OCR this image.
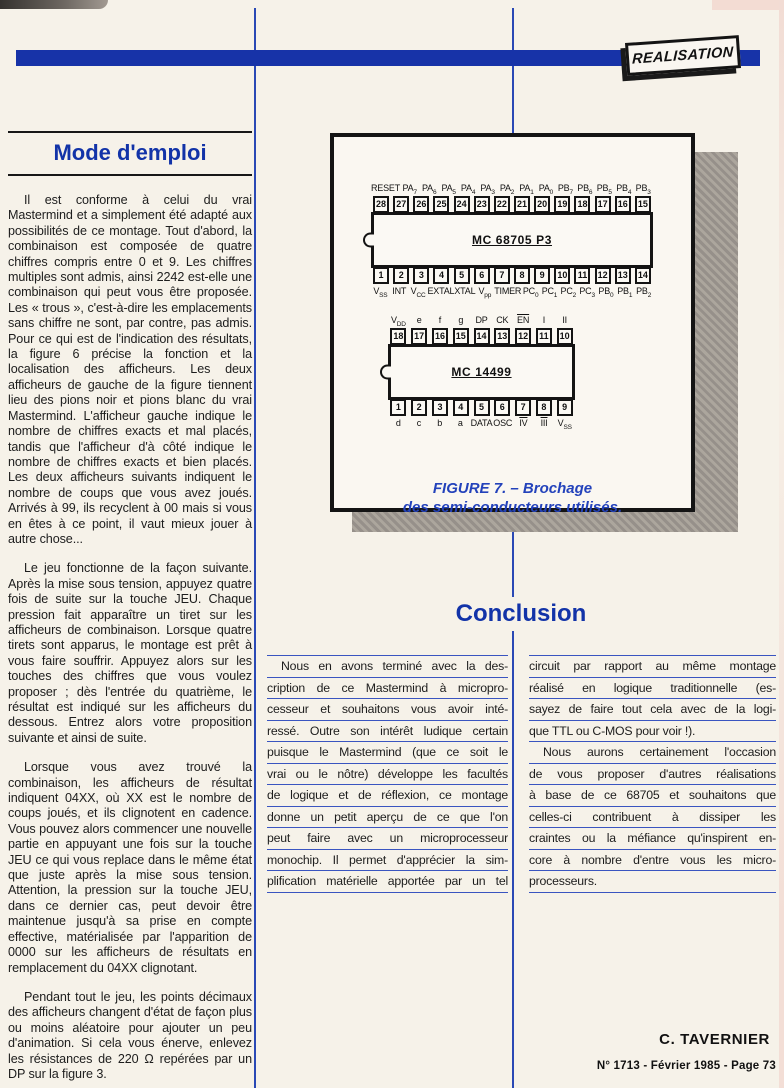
REALISATION
Mode d'emploi

Il est conforme à celui du vrai Mastermind et a simplement été adapté aux possibilités de ce montage. Tout d'abord, la combinaison est composée de quatre chiffres compris entre 0 et 9. Les chiffres multiples sont admis, ainsi 2242 est-elle une combinaison qui peut vous être proposée. Les « trous », c'est-à-dire les emplacements sans chiffre ne sont, par contre, pas admis. Pour ce qui est de l'indication des résultats, la figure 6 précise la fonction et la localisation des afficheurs. Les deux afficheurs de gauche de la figure tiennent lieu des pions noir et pions blanc du vrai Mastermind. L'afficheur gauche indique le nombre de chiffres exacts et mal placés, tandis que l'afficheur d'à côté indique le nombre de chiffres exacts et bien placés. Les deux afficheurs suivants indiquent le nombre de coups que vous avez joués. Arrivés à 99, ils recyclent à 00 mais si vous en êtes à ce point, il vaut mieux jouer à autre chose...

Le jeu fonctionne de la façon suivante. Après la mise sous tension, appuyez quatre fois de suite sur la touche JEU. Chaque pression fait apparaître un tiret sur les afficheurs de combinaison. Lorsque quatre tirets sont apparus, le montage est prêt à vous faire souffrir. Appuyez alors sur les touches des chiffres que vous voulez proposer ; dès l'entrée du quatrième, le résultat est indiqué sur les afficheurs du dessous. Entrez alors votre proposition suivante et ainsi de suite.

Lorsque vous avez trouvé la combinaison, les afficheurs de résultat indiquent 04XX, où XX est le nombre de coups joués, et ils clignotent en cadence. Vous pouvez alors commencer une nouvelle partie en appuyant une fois sur la touche JEU ce qui vous replace dans le même état que juste après la mise sous tension. Attention, la pression sur la touche JEU, dans ce dernier cas, peut devoir être maintenue jusqu'à sa prise en compte effective, matérialisée par l'apparition de 0000 sur les afficheurs de résultats en remplacement du 04XX clignotant.

Pendant tout le jeu, les points décimaux des afficheurs changent d'état de façon plus ou moins aléatoire pour ajouter un peu d'animation. Si cela vous énerve, enlevez les résistances de 220 Ω repérées par un DP sur la figure 3.

RESET $PA_7$ $PA_6$ $PA_5$ $PA_4$ $PA_3$ $PA_2$ $PA_1$ $PA_0$ $PB_7$ $PB_6$ $PB_5$ $PB_4$ $PB_3$
28	27	26	25	24	23	22	21	20	19	18	17	16	15
MC 68705 P3
1	2	3	4	5	6	7	8	9	10	11	12	13	14
$V_{SS}$ INT $V_{CC}$ EXTAL XTAL $V_{pp}$ TIMER $PC_0$ $PC_1$ $PC_2$ $PC_3$ $PB_0$ $PB_1$ $PB_2$
$V_{DD}$	e	f	g	DP CK $\overline{EN}$	I	II
18	17	16	15	14	13	12	11	10
MC 14499
1	2	3	4	5	6	7	8	9
d	c	b	a DATA OSC $\overline{IV}$	$\overline{III}$	$V_{SS}$
FIGURE 7. – Brochage
des semi-conducteurs utilisés.
Conclusion
Nous en avons terminé avec la des-
cription de ce Mastermind à micropro-
cesseur et souhaitons vous avoir inté-
ressé. Outre son intérêt ludique certain
puisque le Mastermind (que ce soit le
vrai ou le nôtre) développe les facultés
de logique et de réflexion, ce montage
donne un petit aperçu de ce que l'on
peut faire avec un microprocesseur
monochip. Il permet d'apprécier la sim-
plification matérielle apportée par un tel
circuit par rapport au même montage
réalisé en logique traditionnelle (es-
sayez de faire tout cela avec de la logi-
que TTL ou C-MOS pour voir !).
Nous aurons certainement l'occasion
de vous proposer d'autres réalisations
à base de ce 68705 et souhaitons que
celles-ci contribuent à dissiper les
craintes ou la méfiance qu'inspirent en-
core à nombre d'entre vous les micro-
processeurs.
C. TAVERNIER
N° 1713 - Février 1985 - Page 73
